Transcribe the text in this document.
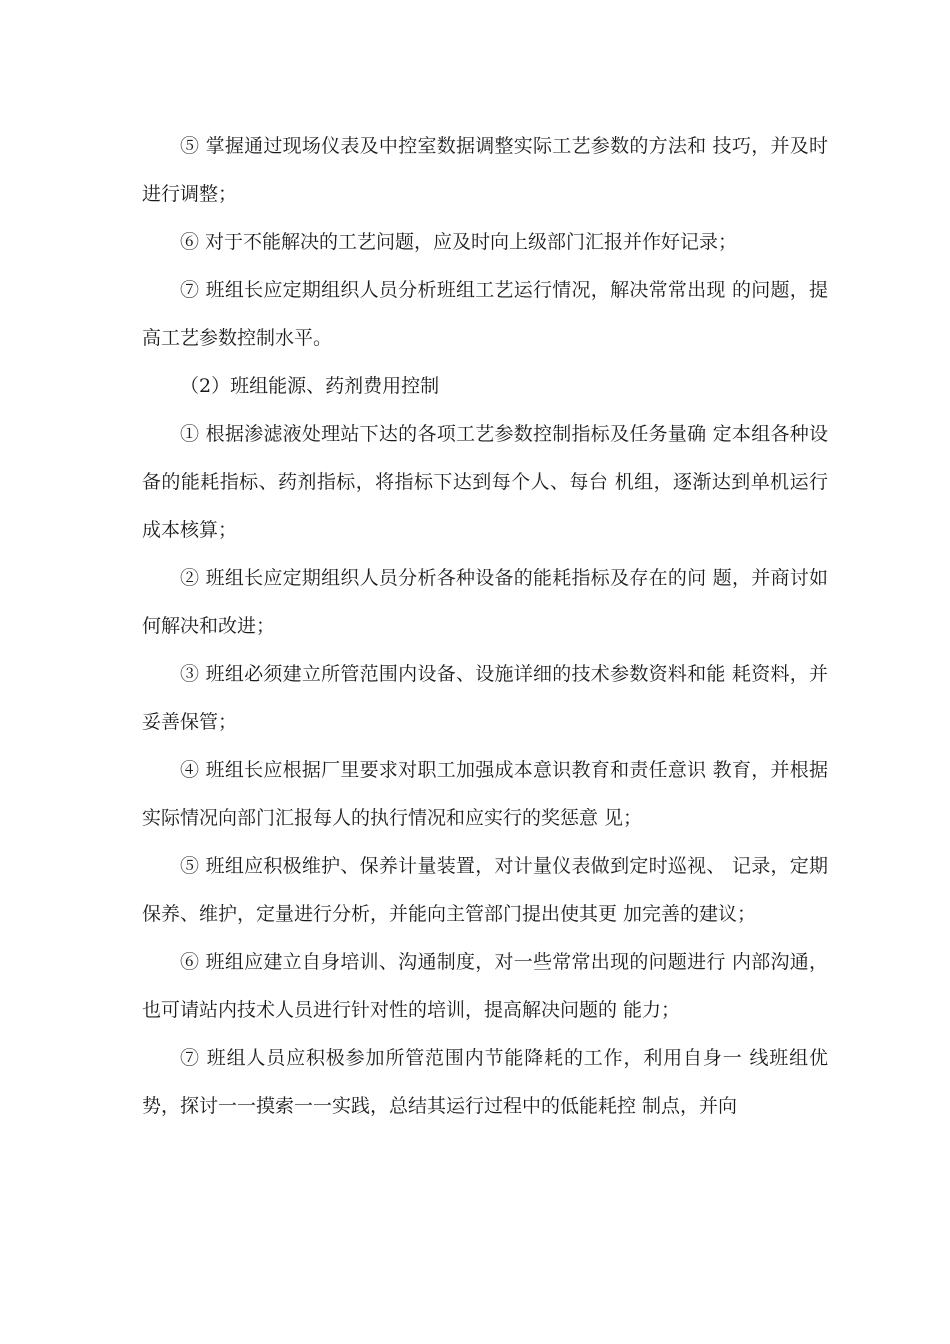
⑤ 掌握通过现场仪表及中控室数据调整实际工艺参数的方法和 技巧，并及时进行调整；

⑥ 对于不能解决的工艺问题，应及时向上级部门汇报并作好记录；

⑦ 班组长应定期组织人员分析班组工艺运行情况，解决常常出现 的问题，提高工艺参数控制水平。

（2）班组能源、药剂费用控制

① 根据渗滤液处理站下达的各项工艺参数控制指标及任务量确 定本组各种设备的能耗指标、药剂指标，将指标下达到每个人、每台 机组，逐渐达到单机运行成本核算；

② 班组长应定期组织人员分析各种设备的能耗指标及存在的问 题，并商讨如何解决和改进；

③ 班组必须建立所管范围内设备、设施详细的技术参数资料和能 耗资料，并妥善保管；

④ 班组长应根据厂里要求对职工加强成本意识教育和责任意识 教育，并根据实际情况向部门汇报每人的执行情况和应实行的奖惩意 见；

⑤ 班组应积极维护、保养计量装置，对计量仪表做到定时巡视、 记录，定期保养、维护，定量进行分析，并能向主管部门提出使其更 加完善的建议；

⑥ 班组应建立自身培训、沟通制度，对一些常常出现的问题进行 内部沟通，也可请站内技术人员进行针对性的培训，提高解决问题的 能力；

⑦ 班组人员应积极参加所管范围内节能降耗的工作，利用自身一 线班组优势，探讨一一摸索一一实践，总结其运行过程中的低能耗控 制点，并向
